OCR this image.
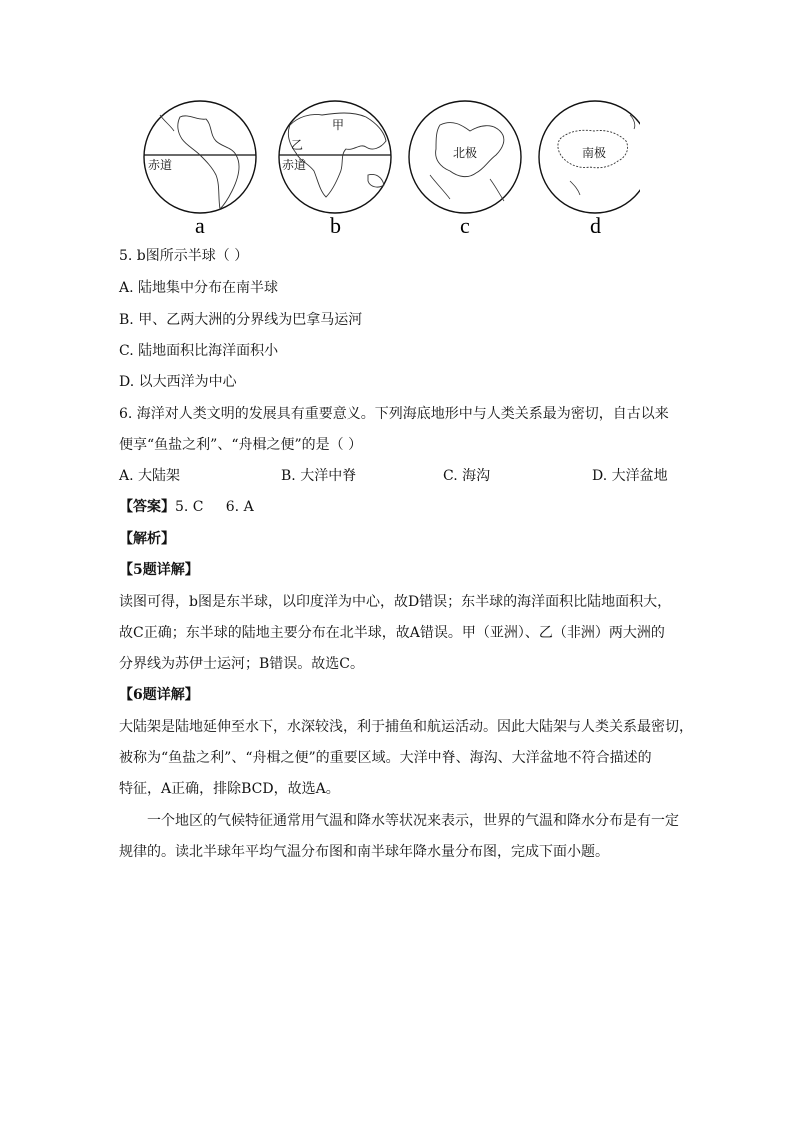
赤道
乙
甲
赤道
北极	南极
a	b	c	d
5. b图所示半球（ ）
A. 陆地集中分布在南半球
B. 甲、乙两大洲的分界线为巴拿马运河
C. 陆地面积比海洋面积小
D. 以大西洋为中心
6. 海洋对人类文明的发展具有重要意义。下列海底地形中与人类关系最为密切，自古以来
便享“鱼盐之利”、“舟楫之便”的是（ ）
A. 大陆架	B. 大洋中脊	C. 海沟	D. 大洋盆地
【答案】5. C     6. A
【解析】
【5题详解】
读图可得，b图是东半球，以印度洋为中心，故D错误；东半球的海洋面积比陆地面积大，
故C正确；东半球的陆地主要分布在北半球，故A错误。甲（亚洲）、乙（非洲）两大洲的
分界线为苏伊士运河；B错误。故选C。
【6题详解】
大陆架是陆地延伸至水下，水深较浅，利于捕鱼和航运活动。因此大陆架与人类关系最密切，
被称为“鱼盐之利”、“舟楫之便”的重要区域。大洋中脊、海沟、大洋盆地不符合描述的
特征，A正确，排除BCD，故选A。
一个地区的气候特征通常用气温和降水等状况来表示，世界的气温和降水分布是有一定
规律的。读北半球年平均气温分布图和南半球年降水量分布图，完成下面小题。
